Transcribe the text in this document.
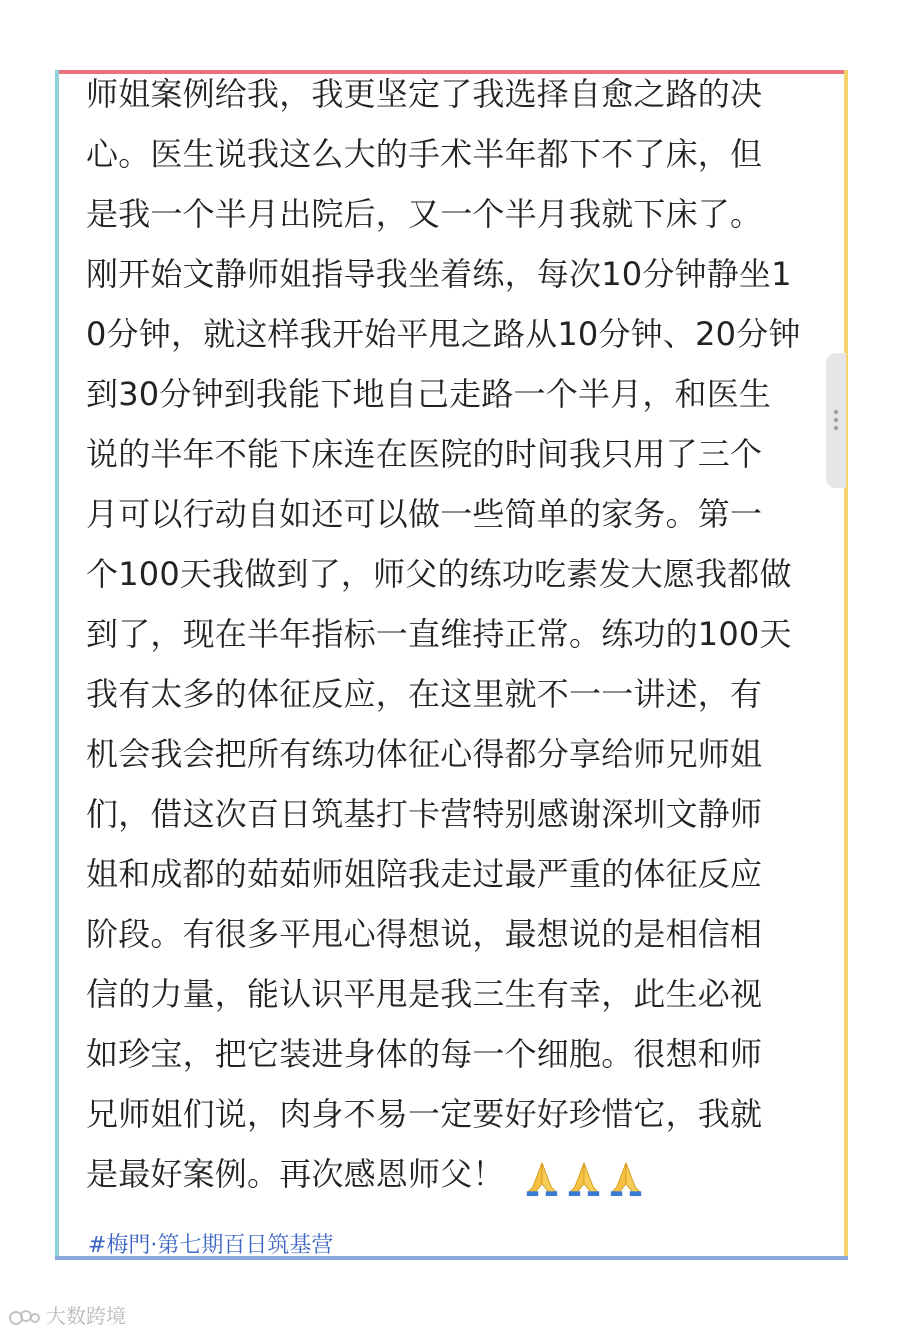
师姐案例给我，我更坚定了我选择自愈之路的决
心。医生说我这么大的手术半年都下不了床，但
是我一个半月出院后，又一个半月我就下床了。
刚开始文静师姐指导我坐着练，每次10分钟静坐1
0分钟，就这样我开始平甩之路从10分钟、20分钟
到30分钟到我能下地自己走路一个半月，和医生
说的半年不能下床连在医院的时间我只用了三个
月可以行动自如还可以做一些简单的家务。第一
个100天我做到了，师父的练功吃素发大愿我都做
到了，现在半年指标一直维持正常。练功的100天
我有太多的体征反应，在这里就不一一讲述，有
机会我会把所有练功体征心得都分享给师兄师姐
们，借这次百日筑基打卡营特别感谢深圳文静师
姐和成都的茹茹师姐陪我走过最严重的体征反应
阶段。有很多平甩心得想说，最想说的是相信相
信的力量，能认识平甩是我三生有幸，此生必视
如珍宝，把它装进身体的每一个细胞。很想和师
兄师姐们说，肉身不易一定要好好珍惜它，我就
是最好案例。再次感恩师父！
#梅門·第七期百日筑基营
大数跨境
